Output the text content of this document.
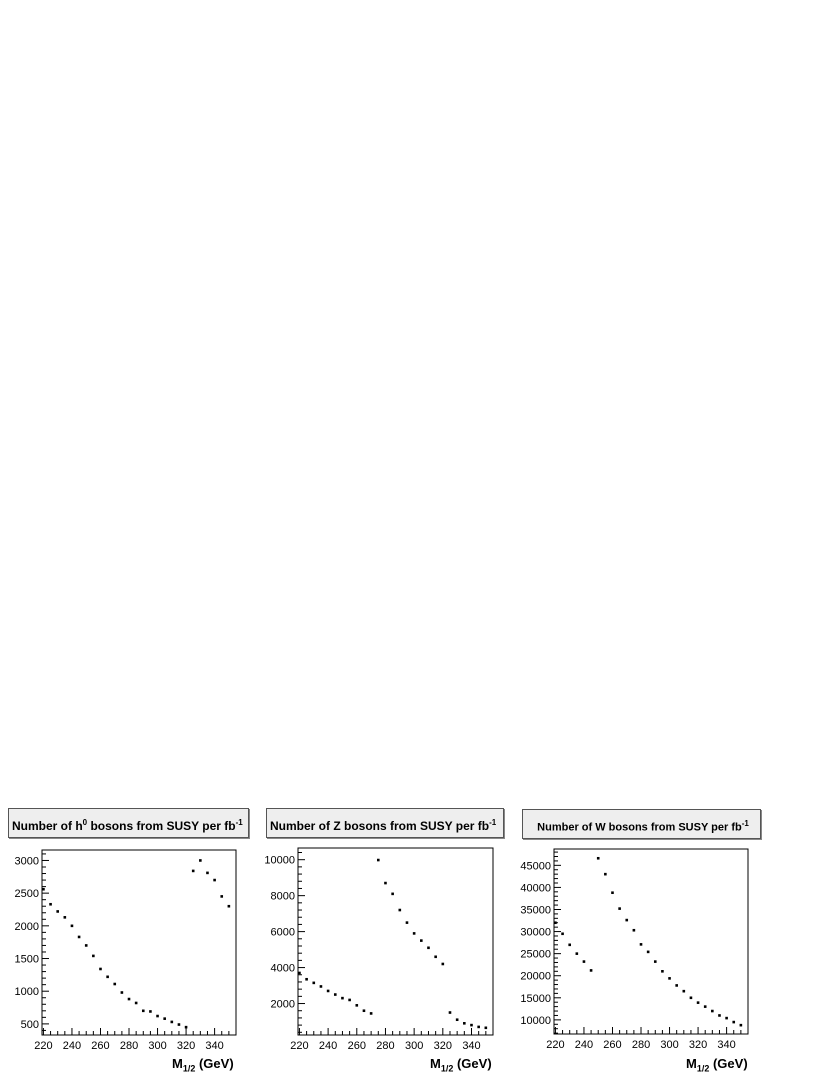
Number of $h^0$ bosons from SUSY per $fb^{-1}$
220 240 260 280 300 320 340
500
1000
1500
2000
2500
3000
$M_{1/2}$ (GeV)
Number of Z bosons from SUSY per $fb^{-1}$
220 240 260 280 300 320 340
2000
4000
6000
8000
10000
$M_{1/2}$ (GeV)
Number of W bosons from SUSY per $fb^{-1}$
220 240 260 280 300 320 340
10000
15000
20000
25000
30000
35000
40000
45000
$M_{1/2}$ (GeV)
